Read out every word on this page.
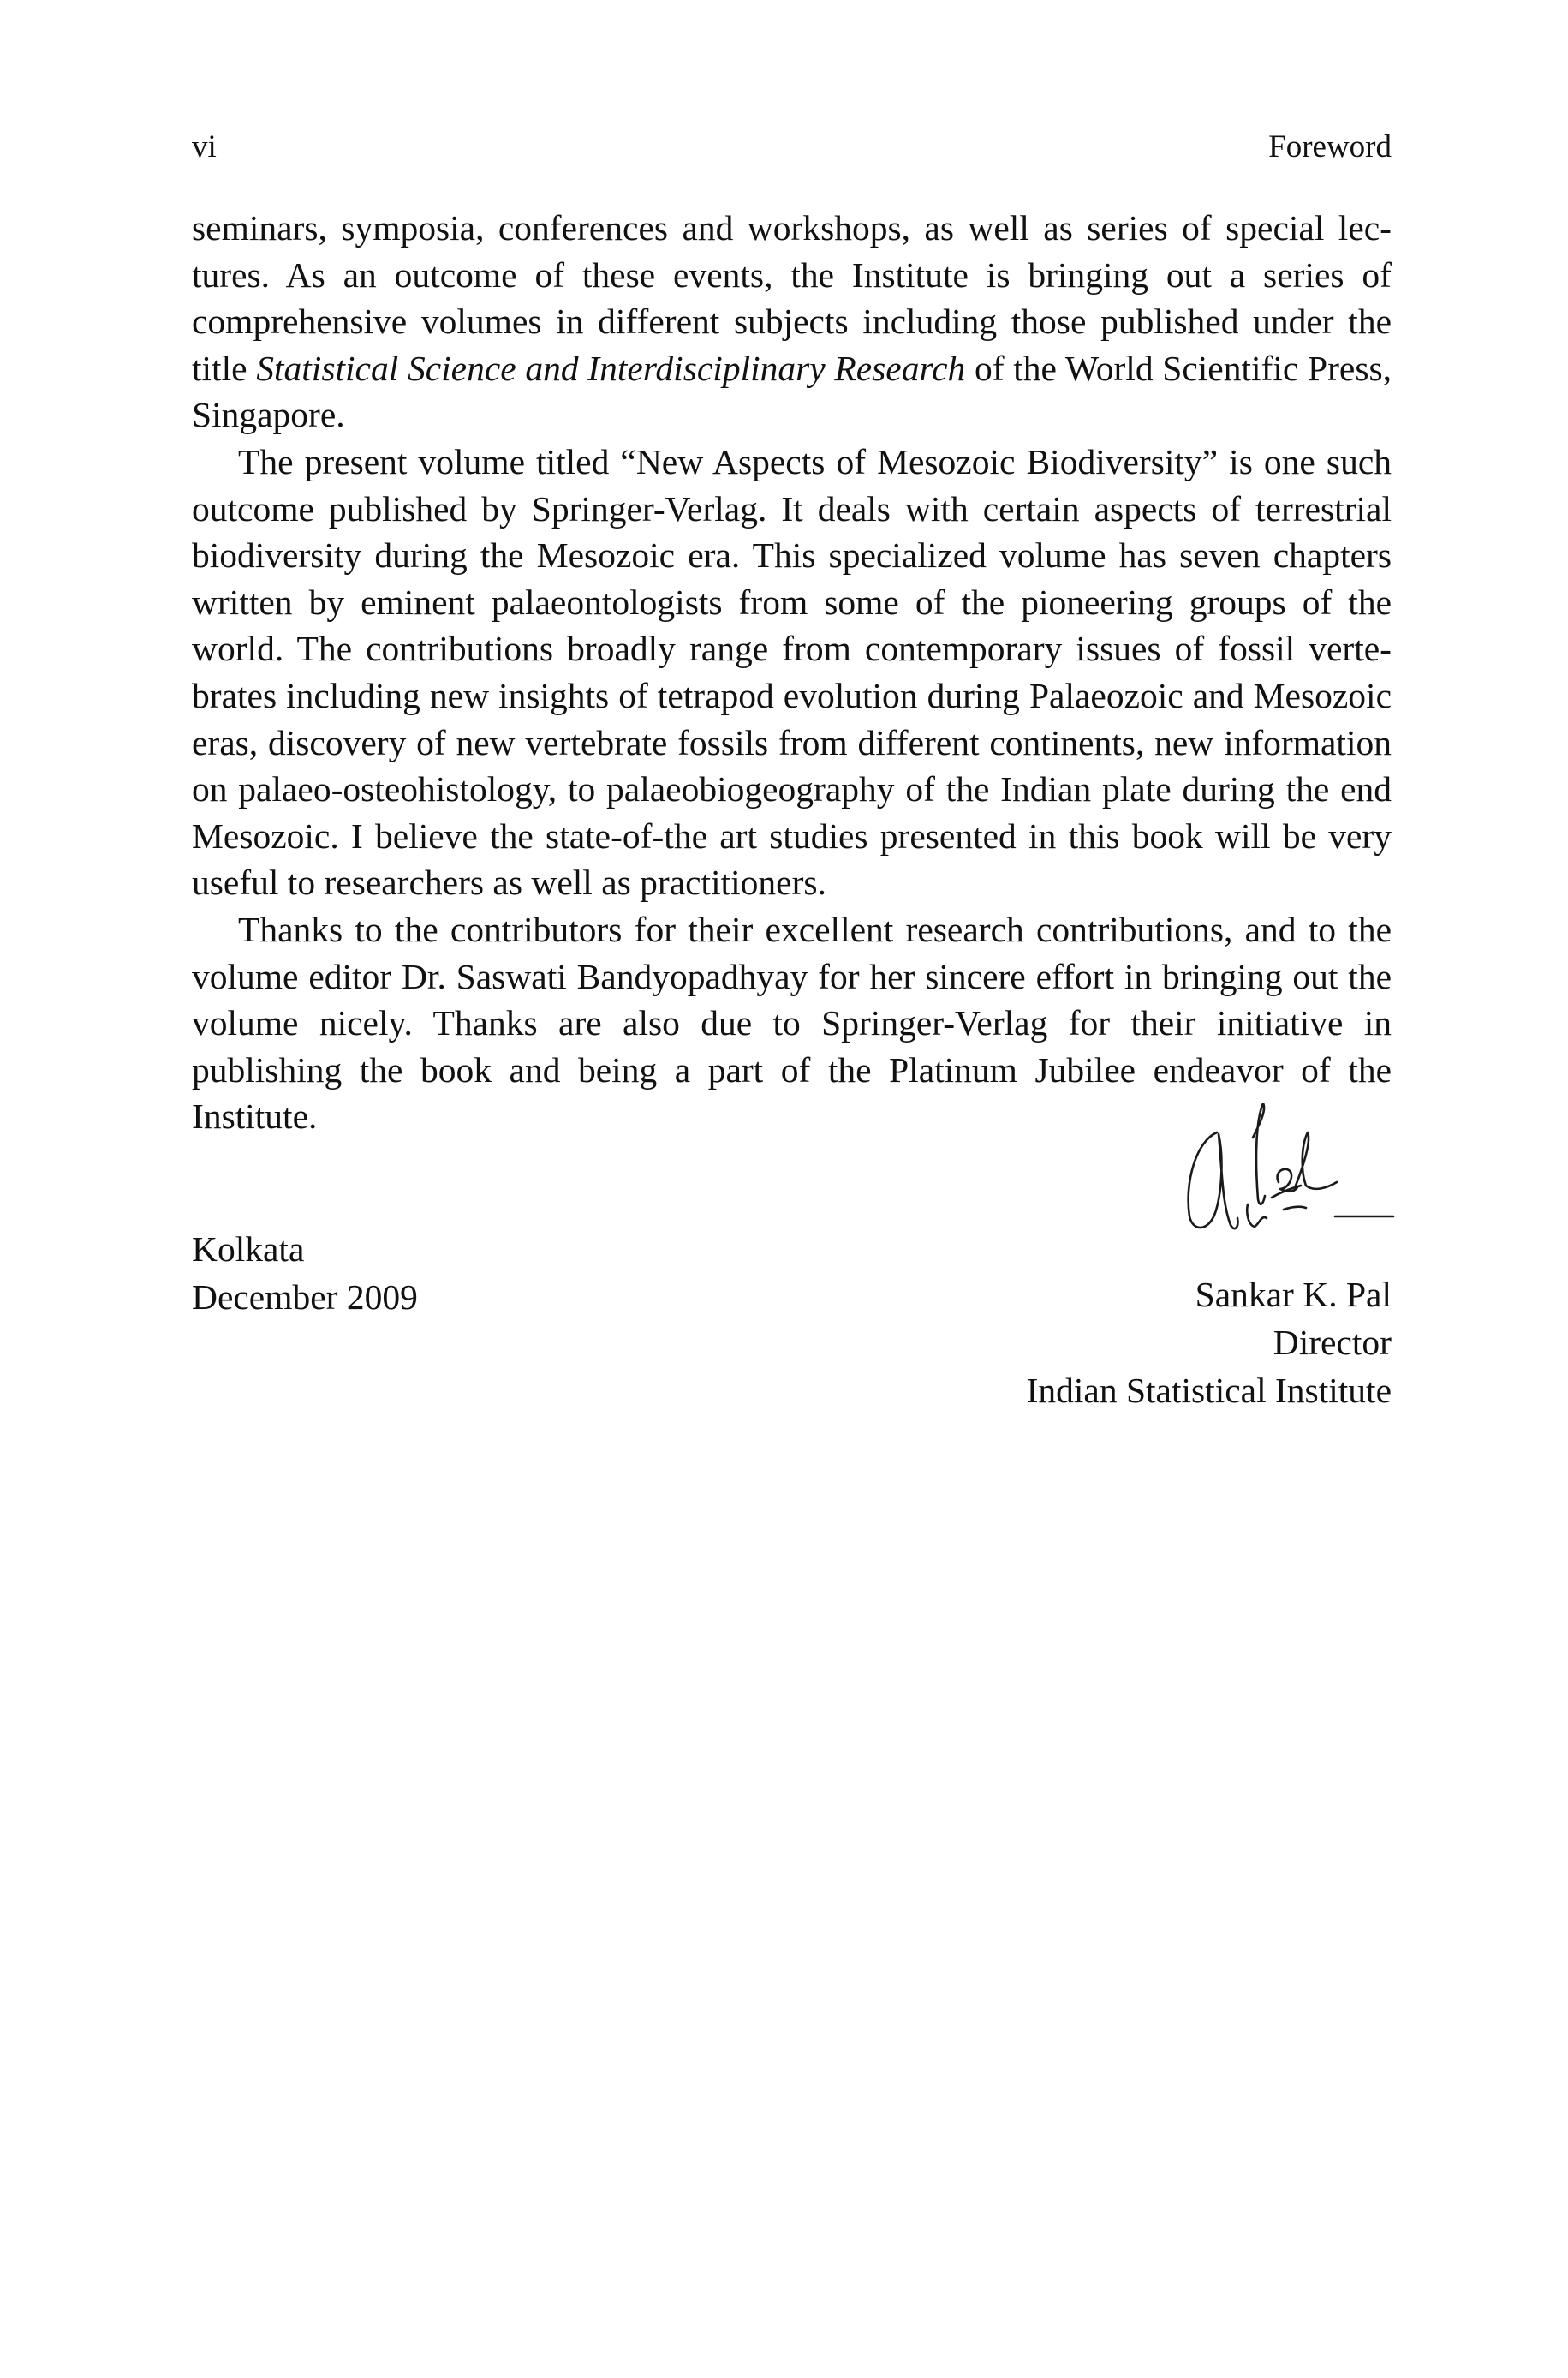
vi	Foreword

seminars, symposia, conferences and workshops, as well as series of special lectures. As an outcome of these events, the Institute is bringing out a series of comprehensive volumes in different subjects including those published under the title Statistical Science and Interdisciplinary Research of the World Scientific Press, Singapore.

The present volume titled “New Aspects of Mesozoic Biodiversity” is one such outcome published by Springer-Verlag. It deals with certain aspects of terrestrial biodiversity during the Mesozoic era. This specialized volume has seven chapters written by eminent palaeontologists from some of the pioneering groups of the world. The contributions broadly range from contemporary issues of fossil vertebrates including new insights of tetrapod evolution during Palaeozoic and Mesozoic eras, discovery of new vertebrate fossils from different continents, new information on palaeo-osteohistology, to palaeobiogeography of the Indian plate during the end Mesozoic. I believe the state-of-the art studies presented in this book will be very useful to researchers as well as practitioners.

Thanks to the contributors for their excellent research contributions, and to the volume editor Dr. Saswati Bandyopadhyay for her sincere effort in bringing out the volume nicely. Thanks are also due to Springer-Verlag for their initiative in publishing the book and being a part of the Platinum Jubilee endeavor of the Institute.

Kolkata
December 2009	Sankar K. Pal
Director
Indian Statistical Institute
